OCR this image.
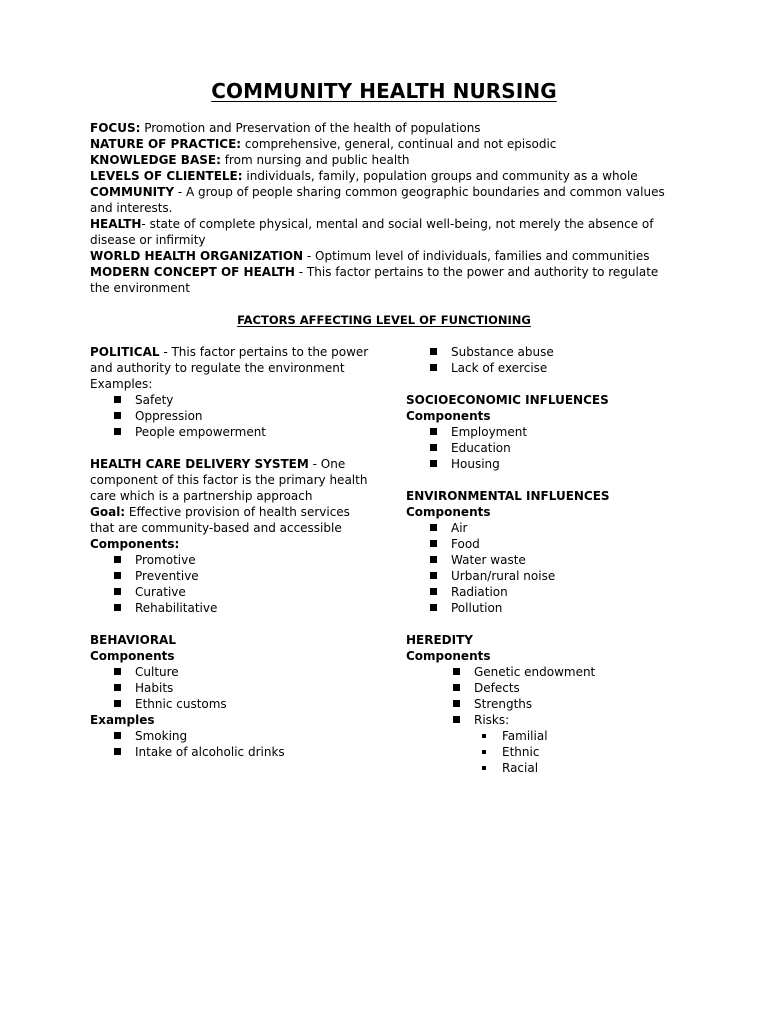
COMMUNITY HEALTH NURSING

FOCUS: Promotion and Preservation of the health of populations

NATURE OF PRACTICE: comprehensive, general, continual and not episodic

KNOWLEDGE BASE: from nursing and public health

LEVELS OF CLIENTELE: individuals, family, population groups and community as a whole

COMMUNITY - A group of people sharing common geographic boundaries and common values and interests.

HEALTH- state of complete physical, mental and social well-being, not merely the absence of disease or infirmity

WORLD HEALTH ORGANIZATION - Optimum level of individuals, families and communities

MODERN CONCEPT OF HEALTH - This factor pertains to the power and authority to regulate the environment

FACTORS AFFECTING LEVEL OF FUNCTIONING

POLITICAL - This factor pertains to the power and authority to regulate the environment

Examples:

Safety
Oppression
People empowerment

HEALTH CARE DELIVERY SYSTEM - One component of this factor is the primary health care which is a partnership approach

Goal: Effective provision of health services that are community-based and accessible

Components:

Promotive
Preventive
Curative
Rehabilitative

BEHAVIORAL

Components

Culture
Habits
Ethnic customs

Examples

Smoking
Intake of alcoholic drinks
Substance abuse
Lack of exercise

SOCIOECONOMIC INFLUENCES

Components

Employment
Education
Housing

ENVIRONMENTAL INFLUENCES

Components

Air
Food
Water waste
Urban/rural noise
Radiation
Pollution

HEREDITY

Components

Genetic endowment
Defects
Strengths
Risks:
Familial
Ethnic
Racial
